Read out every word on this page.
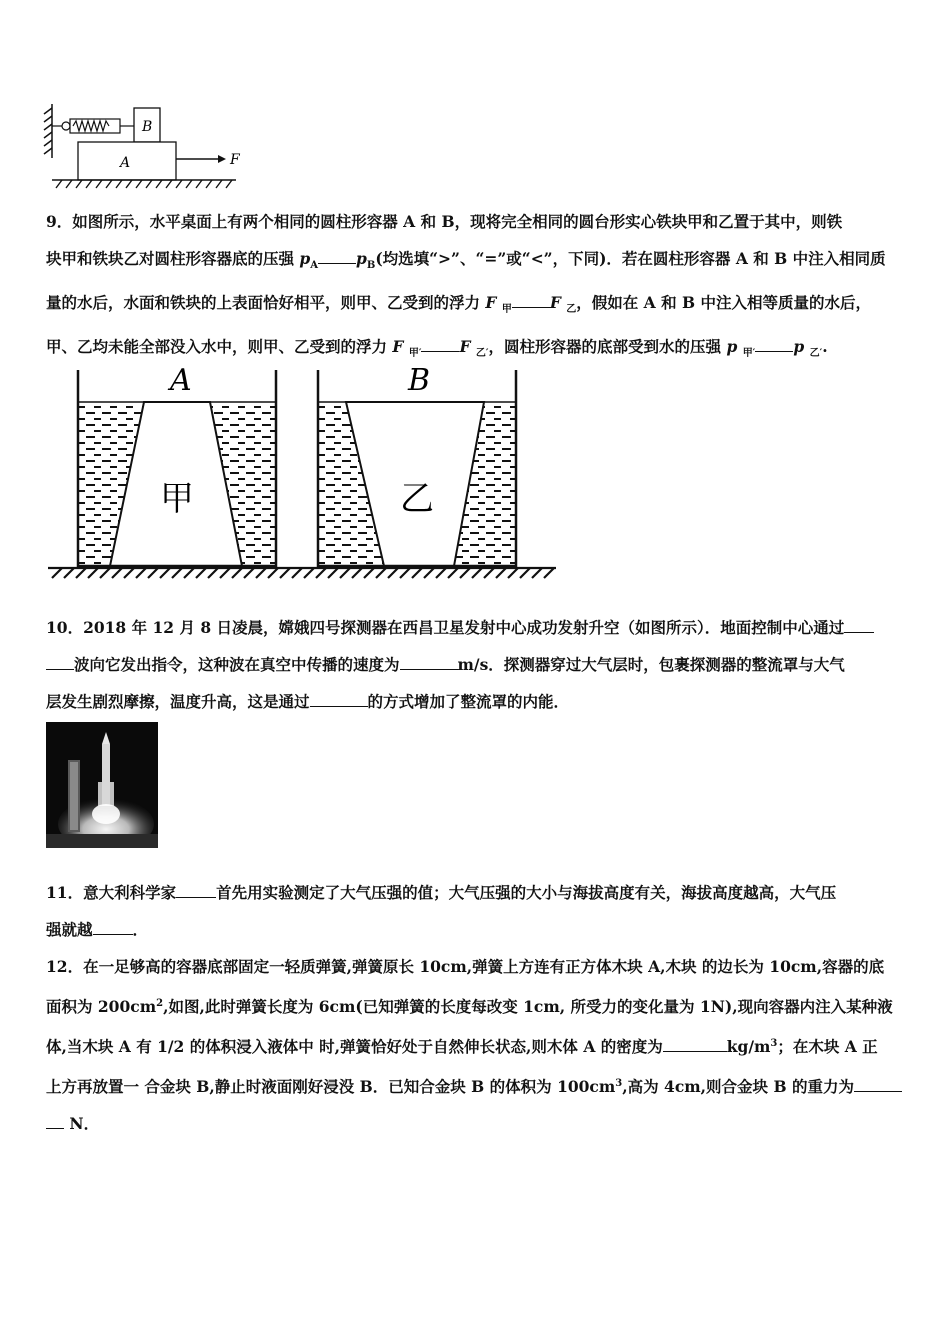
B
A	F
9．如图所示，水平桌面上有两个相同的圆柱形容器 A 和 B，现将完全相同的圆台形实心铁块甲和乙置于其中，则铁
块甲和铁块乙对圆柱形容器底的压强 $p_A$ $p_B$(均选填“>”、“=”或“<”，下同)．若在圆柱形容器 A 和 B 中注入相同质
量的水后，水面和铁块的上表面恰好相平，则甲、乙受到的浮力 F $_甲$ F $_乙$，假如在 A 和 B 中注入相等质量的水后，
甲、乙均未能全部没入水中，则甲、乙受到的浮力 F $_{甲'}$ F $_{乙'}$，圆柱形容器的底部受到水的压强 p $_{甲'}$ p $_{乙'}$.
A
甲
B
乙
10．2018 年 12 月 8 日凌晨，嫦娥四号探测器在西昌卫星发射中心成功发射升空（如图所示）．地面控制中心通过
波向它发出指令，这种波在真空中传播的速度为	m/s．探测器穿过大气层时，包裹探测器的整流罩与大气
层发生剧烈摩擦，温度升高，这是通过	的方式增加了整流罩的内能．
11．意大利科学家	首先用实验测定了大气压强的值；大气压强的大小与海拔高度有关，海拔高度越高，大气压
强就越	．
12．在一足够高的容器底部固定一轻质弹簧,弹簧原长 10cm,弹簧上方连有正方体木块 A,木块 的边长为 10cm,容器的底
面积为 $200cm^2$,如图,此时弹簧长度为 6cm(已知弹簧的长度每改变 1cm, 所受力的变化量为 1N),现向容器内注入某种液
体,当木块 A 有 1/2 的体积浸入液体中 时,弹簧恰好处于自然伸长状态,则木体 A 的密度为	$kg/m^3$；在木块 A 正
上方再放置一 合金块 B,静止时液面刚好浸没 B．已知合金块 B 的体积为 $100cm^3$,高为 4cm,则合金块 B 的重力为
N．
